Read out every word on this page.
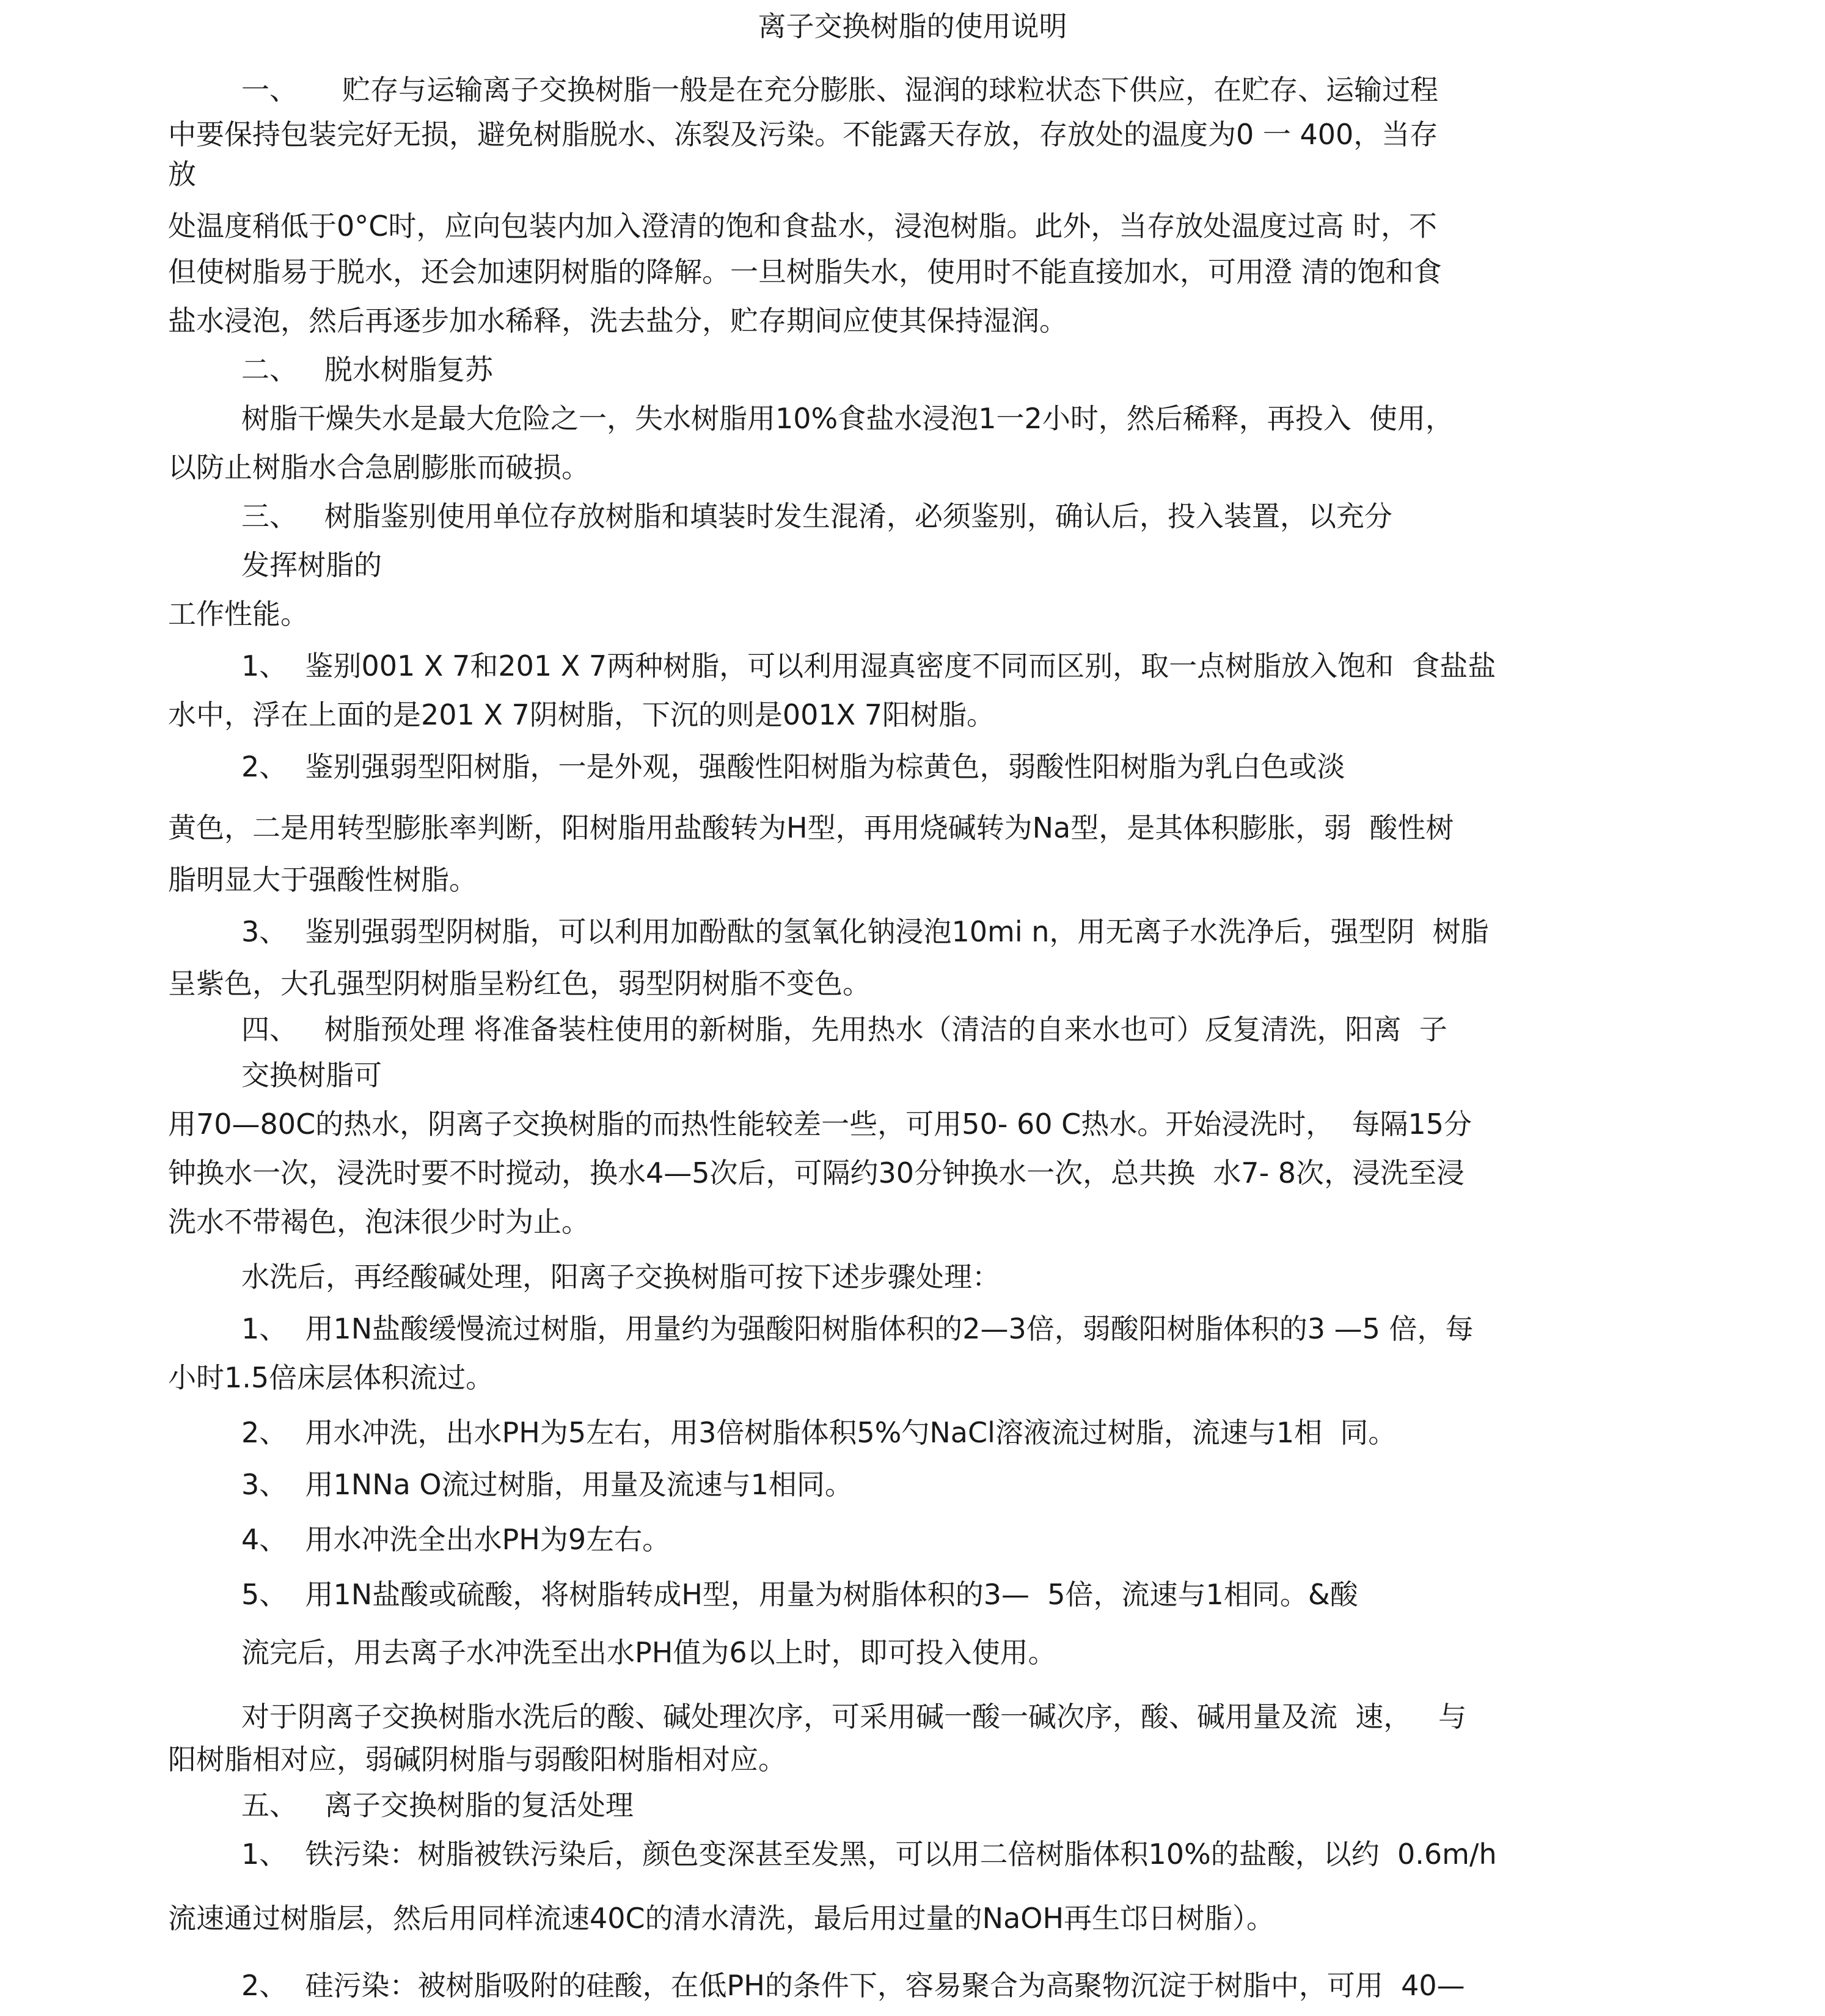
离子交换树脂的使用说明

一、     贮存与运输离子交换树脂一般是在充分膨胀、湿润的球粒状态下供应，在贮存、运输过程

中要保持包装完好无损，避免树脂脱水、冻裂及污染。不能露天存放，存放处的温度为0 一 400，当存

放

处温度稍低于0°C时，应向包装内加入澄清的饱和食盐水，浸泡树脂。此外，当存放处温度过高 时，不

但使树脂易于脱水，还会加速阴树脂的降解。一旦树脂失水，使用时不能直接加水，可用澄 清的饱和食

盐水浸泡，然后再逐步加水稀释，洗去盐分，贮存期间应使其保持湿润。

二、   脱水树脂复苏

树脂干燥失水是最大危险之一，失水树脂用10%食盐水浸泡1一2小时，然后稀释，再投入  使用，

以防止树脂水合急剧膨胀而破损。

三、   树脂鉴别使用单位存放树脂和填装时发生混淆，必须鉴别，确认后，投入装置，以充分

发挥树脂的

工作性能。

1、  鉴别001 X 7和201 X 7两种树脂，可以利用湿真密度不同而区别，取一点树脂放入饱和  食盐盐

水中，浮在上面的是201 X 7阴树脂，下沉的则是001X 7阳树脂。

2、  鉴别强弱型阳树脂，一是外观，强酸性阳树脂为棕黄色，弱酸性阳树脂为乳白色或淡

黄色，二是用转型膨胀率判断，阳树脂用盐酸转为H型，再用烧碱转为Na型，是其体积膨胀，弱  酸性树

脂明显大于强酸性树脂。

3、  鉴别强弱型阴树脂，可以利用加酚酞的氢氧化钠浸泡10mi n，用无离子水洗净后，强型阴  树脂

呈紫色，大孔强型阴树脂呈粉红色，弱型阴树脂不变色。

四、   树脂预处理 将准备装柱使用的新树脂，先用热水（清洁的自来水也可）反复清洗，阳离  子

交换树脂可

用70—80C的热水，阴离子交换树脂的而热性能较差一些，可用50- 60 C热水。开始浸洗时，  每隔15分

钟换水一次，浸洗时要不时搅动，换水4—5次后，可隔约30分钟换水一次，总共换  水7- 8次，浸洗至浸

洗水不带褐色，泡沫很少时为止。

水洗后，再经酸碱处理，阳离子交换树脂可按下述步骤处理：

1、  用1N盐酸缓慢流过树脂，用量约为强酸阳树脂体积的2—3倍，弱酸阳树脂体积的3 —5 倍，每

小时1.5倍床层体积流过。

2、  用水冲洗，出水PH为5左右，用3倍树脂体积5%勺NaCl溶液流过树脂，流速与1相  同。

3、  用1NNa O流过树脂，用量及流速与1相同。

4、  用水冲洗全出水PH为9左右。

5、  用1N盐酸或硫酸，将树脂转成H型，用量为树脂体积的3—  5倍，流速与1相同。&酸

流完后，用去离子水冲洗至出水PH值为6以上时，即可投入使用。

对于阴离子交换树脂水洗后的酸、碱处理次序，可采用碱一酸一碱次序，酸、碱用量及流  速，   与

阳树脂相对应，弱碱阴树脂与弱酸阳树脂相对应。

五、   离子交换树脂的复活处理

1、  铁污染：树脂被铁污染后，颜色变深甚至发黑，可以用二倍树脂体积10%的盐酸，以约  0.6m/h

流速通过树脂层，然后用同样流速40C的清水清洗，最后用过量的NaOH再生邙日树脂）。

2、  硅污染：被树脂吸附的硅酸，在低PH的条件下，容易聚合为高聚物沉淀于树脂中，可用  40—
